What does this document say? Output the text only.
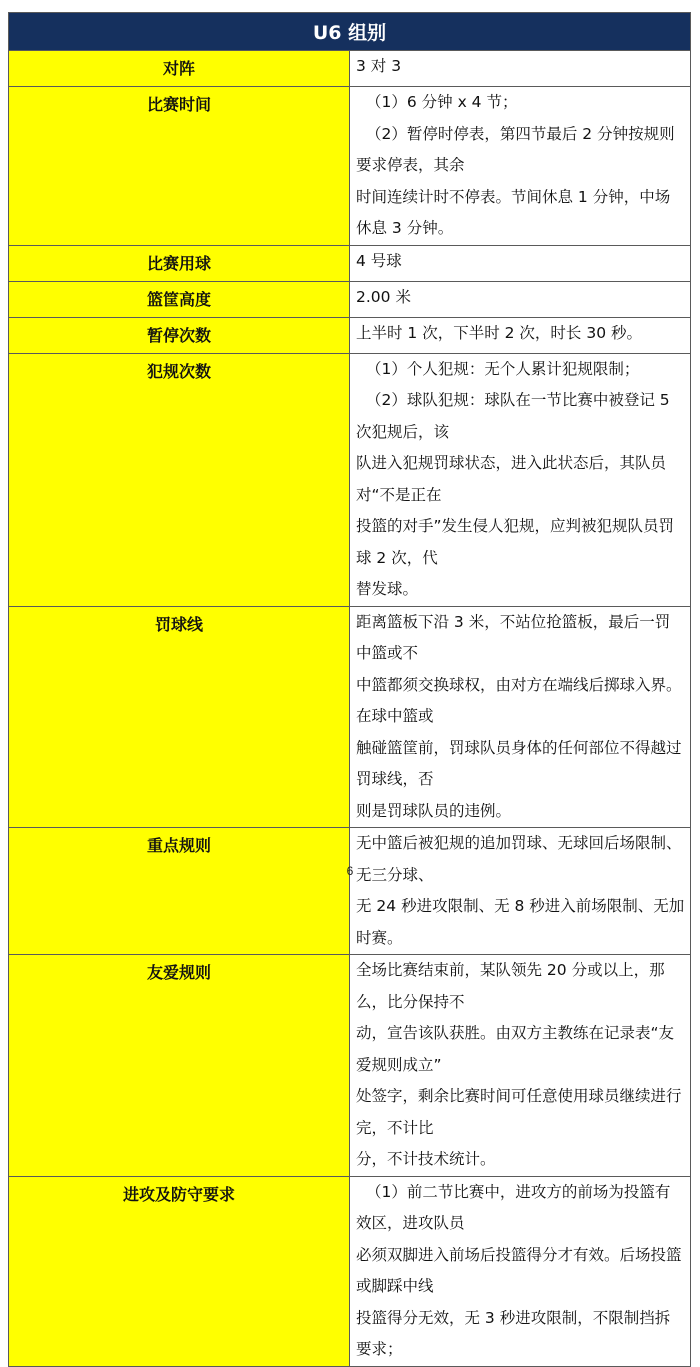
U6 组别	
对阵	3 对 3

比赛时间	（1）6 分钟 x 4 节；

（2）暂停时停表，第四节最后 2 分钟按规则要求停表，其余

时间连续计时不停表。节间休息 1 分钟，中场休息 3 分钟。

比赛用球	4 号球

篮筐高度	2.00 米

暂停次数	上半时 1 次，下半时 2 次，时长 30 秒。

犯规次数	（1）个人犯规：无个人累计犯规限制；

（2）球队犯规：球队在一节比赛中被登记 5 次犯规后，该

队进入犯规罚球状态，进入此状态后，其队员对“不是正在

投篮的对手”发生侵人犯规，应判被犯规队员罚球 2 次，代

替发球。

罚球线	距离篮板下沿 3 米，不站位抢篮板，最后一罚中篮或不

中篮都须交换球权，由对方在端线后掷球入界。在球中篮或

触碰篮筐前，罚球队员身体的任何部位不得越过罚球线，否

则是罚球队员的违例。

重点规则	无中篮后被犯规的追加罚球、无球回后场限制、无三分球、

无 24 秒进攻限制、无 8 秒进入前场限制、无加时赛。

友爱规则	全场比赛结束前，某队领先 20 分或以上，那么，比分保持不

动，宣告该队获胜。由双方主教练在记录表“友爱规则成立”

处签字，剩余比赛时间可任意使用球员继续进行完，不计比

分，不计技术统计。

进攻及防守要求	（1）前二节比赛中，进攻方的前场为投篮有效区，进攻队员

必须双脚进入前场后投篮得分才有效。后场投篮或脚踩中线

投篮得分无效，无 3 秒进攻限制，不限制挡拆要求；

6
